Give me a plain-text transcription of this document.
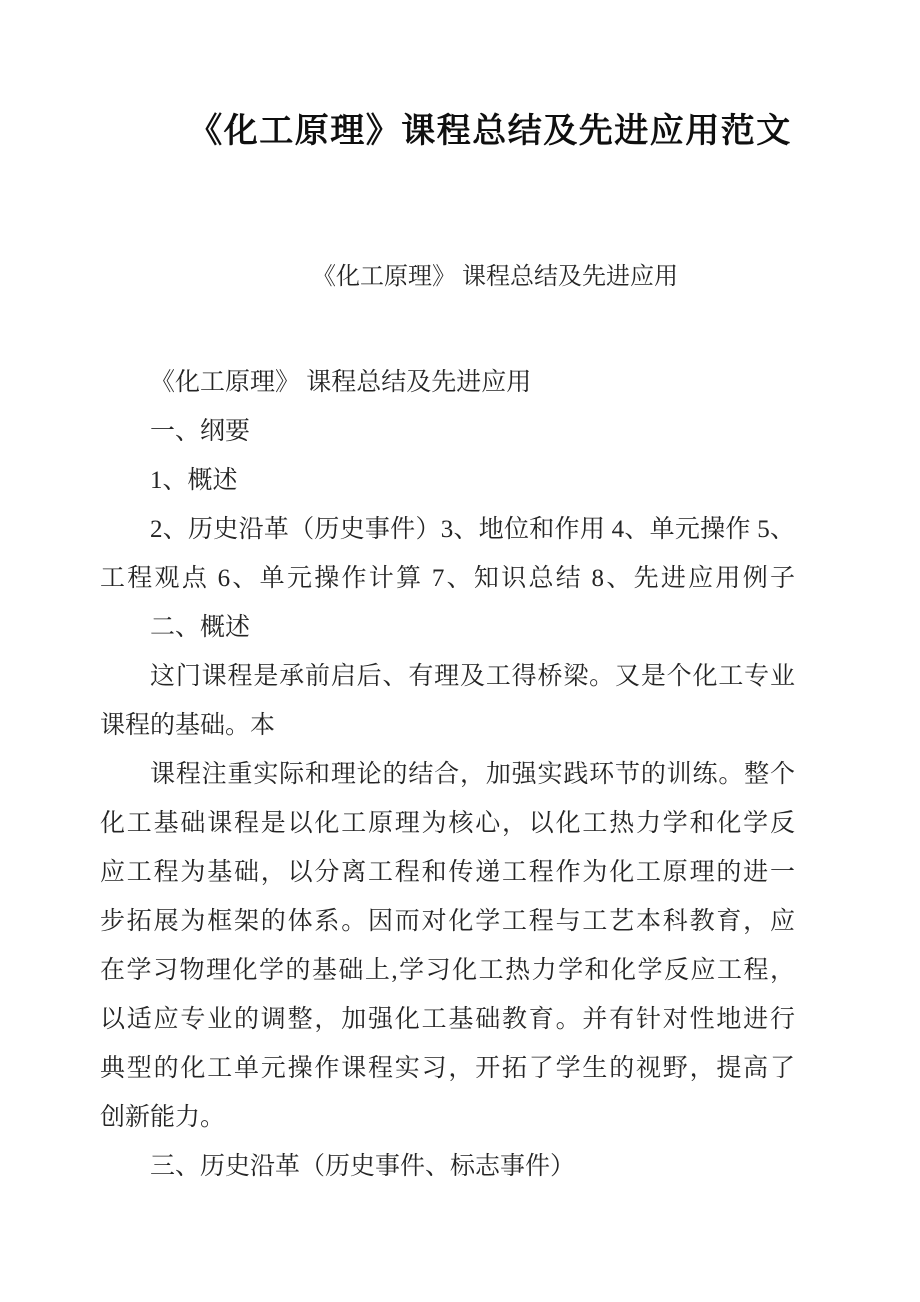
《化工原理》课程总结及先进应用范文
《化工原理》 课程总结及先进应用
《化工原理》 课程总结及先进应用
一、纲要
1、概述
2、历史沿革（历史事件）3、地位和作用 4、单元操作 5、
工程观点 6、单元操作计算 7、知识总结 8、先进应用例子
二、概述
这门课程是承前启后、有理及工得桥梁。又是个化工专业
课程的基础。本
课程注重实际和理论的结合，加强实践环节的训练。整个
化工基础课程是以化工原理为核心，以化工热力学和化学反
应工程为基础，以分离工程和传递工程作为化工原理的进一
步拓展为框架的体系。因而对化学工程与工艺本科教育，应
在学习物理化学的基础上,学习化工热力学和化学反应工程，
以适应专业的调整，加强化工基础教育。并有针对性地进行
典型的化工单元操作课程实习，开拓了学生的视野，提高了
创新能力。
三、历史沿革（历史事件、标志事件）
